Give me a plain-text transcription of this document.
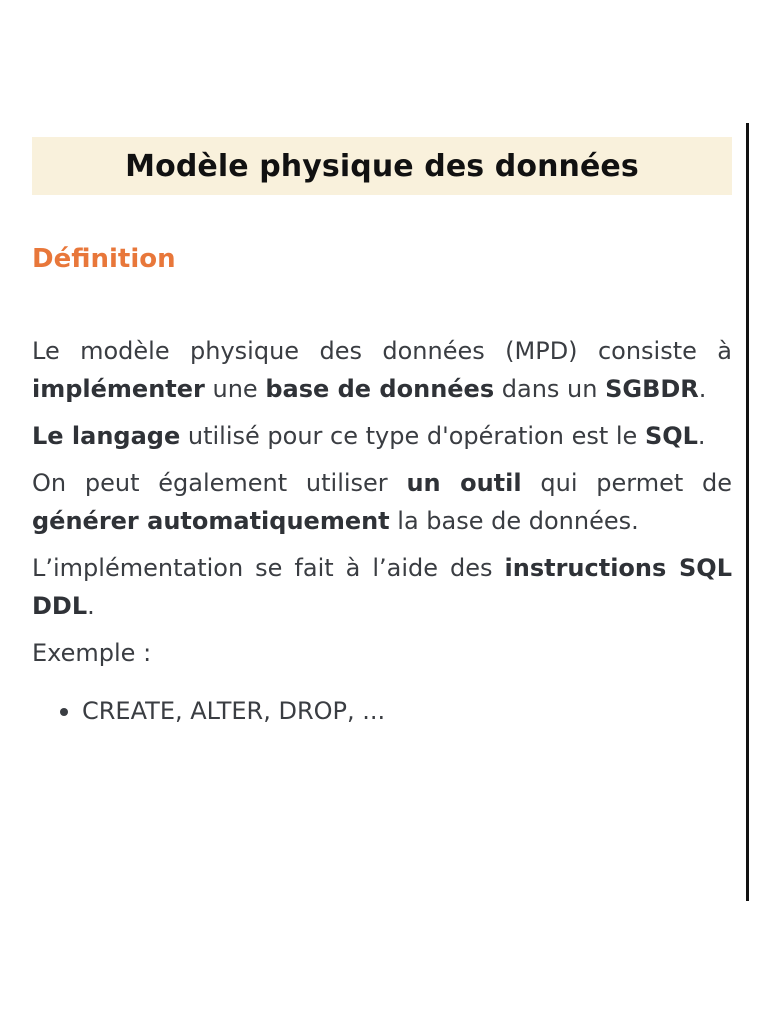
Modèle physique des données
Définition

Le modèle physique des données (MPD) consiste à implémenter une base de données dans un SGBDR.

Le langage utilisé pour ce type d'opération est le SQL.

On peut également utiliser un outil qui permet de générer automatiquement la base de données.

L’implémentation se fait à l’aide des instructions SQL DDL.

Exemple :

CREATE, ALTER, DROP, ...
